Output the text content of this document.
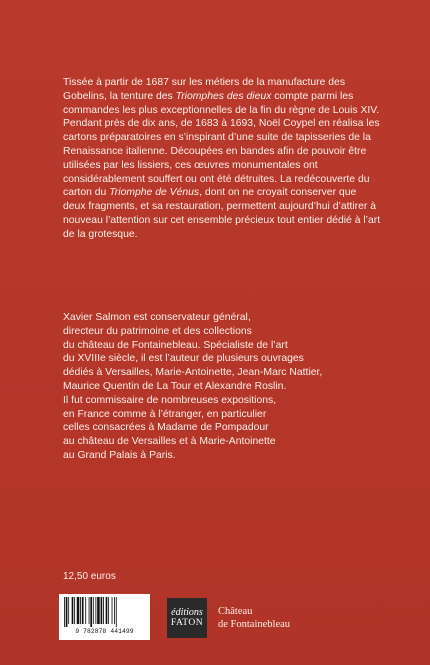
Tissée à partir de 1687 sur les métiers de la manufacture des Gobelins, la tenture des Triomphes des dieux compte parmi les commandes les plus exceptionnelles de la fin du règne de Louis XIV. Pendant près de dix ans, de 1683 à 1693, Noël Coypel en réalisa les cartons préparatoires en s’inspirant d’une suite de tapisseries de la Renaissance italienne. Découpées en bandes afin de pouvoir être utilisées par les lissiers, ces œuvres monumentales ont considérablement souffert ou ont été détruites. La redécouverte du carton du Triomphe de Vénus, dont on ne croyait conserver que deux fragments, et sa restauration, permettent aujourd’hui d’attirer à nouveau l’attention sur cet ensemble précieux tout entier dédié à l’art de la grotesque.

Xavier Salmon est conservateur général,
directeur du patrimoine et des collections
du château de Fontainebleau. Spécialiste de l’art
du XVIIIe siècle, il est l’auteur de plusieurs ouvrages
dédiés à Versailles, Marie-Antoinette, Jean-Marc Nattier,
Maurice Quentin de La Tour et Alexandre Roslin.
Il fut commissaire de nombreuses expositions,
en France comme à l’étranger, en particulier
celles consacrées à Madame de Pompadour
au château de Versailles et à Marie-Antoinette
au Grand Palais à Paris.
12,50 euros
9 782878 441499
éditions
FATON
Château
de Fontainebleau
